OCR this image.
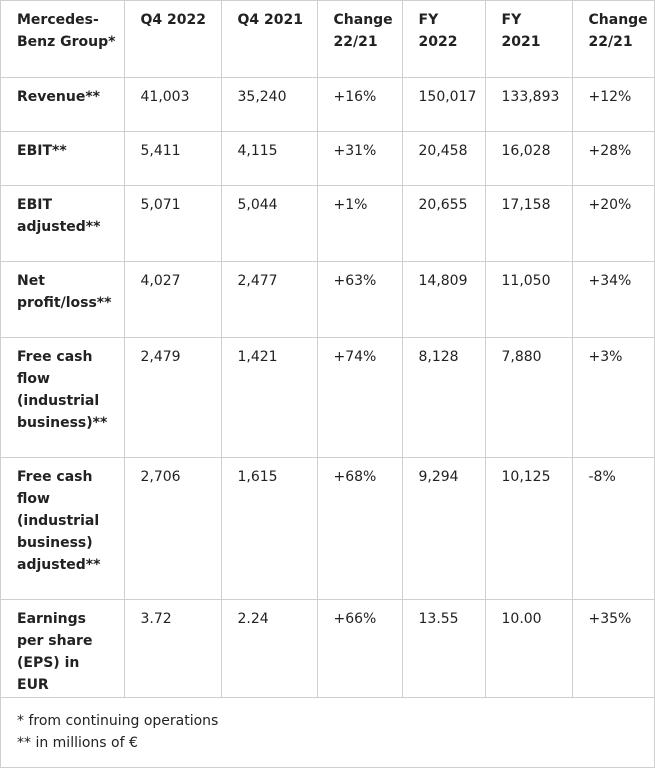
Mercedes-Benz Group*	Q4 2022	Q4 2021	Change 22/21	FY 2022	FY 2021	Change 22/21
Revenue**	41,003	35,240	+16%	150,017	133,893	+12%
EBIT**	5,411	4,115	+31%	20,458	16,028	+28%
EBIT adjusted**	5,071	5,044	+1%	20,655	17,158	+20%
Net profit/loss**	4,027	2,477	+63%	14,809	11,050	+34%
Free cash flow (industrial business)**	2,479	1,421	+74%	8,128	7,880	+3%
Free cash flow (industrial business) adjusted**	2,706	1,615	+68%	9,294	10,125	-8%
Earnings per share (EPS) in EUR	3.72	2.24	+66%	13.55	10.00	+35%
* from continuing operations
** in millions of €
